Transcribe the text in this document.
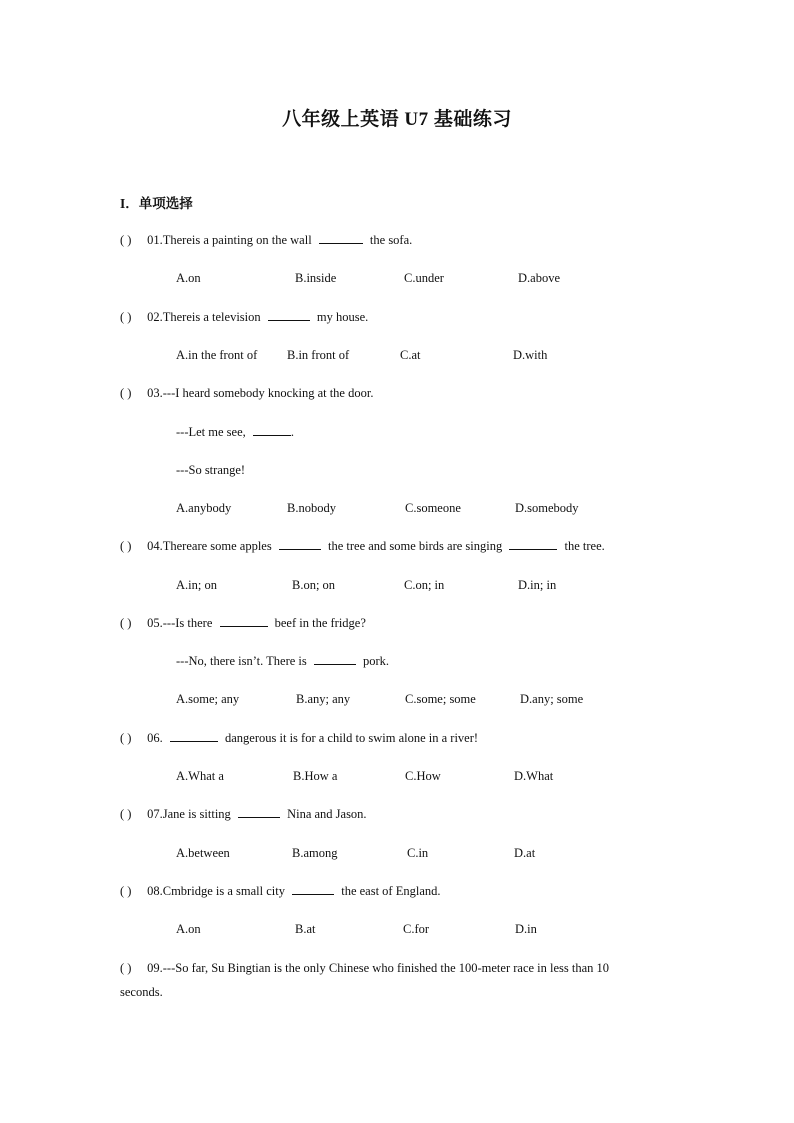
八年级上英语 U7 基础练习
I．单项选择
( ) 01.Thereis a painting on the wall	the sofa.
A.on	B.inside	C.under	D.above
( ) 02.Thereis a television	my house.
A.in the front of B.in front of	C.at	D.with
( ) 03.---I heard somebody knocking at the door.
---Let me see,	.
---So strange!
A.anybody	B.nobody	C.someone	D.somebody
( ) 04.Thereare some apples	the tree and some birds are singing	the tree.
A.in; on	B.on; on	C.on; in	D.in; in
( ) 05.---Is there	beef in the fridge?
---No, there isn’t. There is	pork.
A.some; any	B.any; any	C.some; some	D.any; some
( ) 06.	dangerous it is for a child to swim alone in a river!
A.What a	B.How a	C.How	D.What
( ) 07.Jane is sitting	Nina and Jason.
A.between	B.among	C.in	D.at
( ) 08.Cmbridge is a small city	the east of England.
A.on	B.at	C.for	D.in
( ) 09.---So far, Su Bingtian is the only Chinese who finished the 100-meter race in less than 10
seconds.
